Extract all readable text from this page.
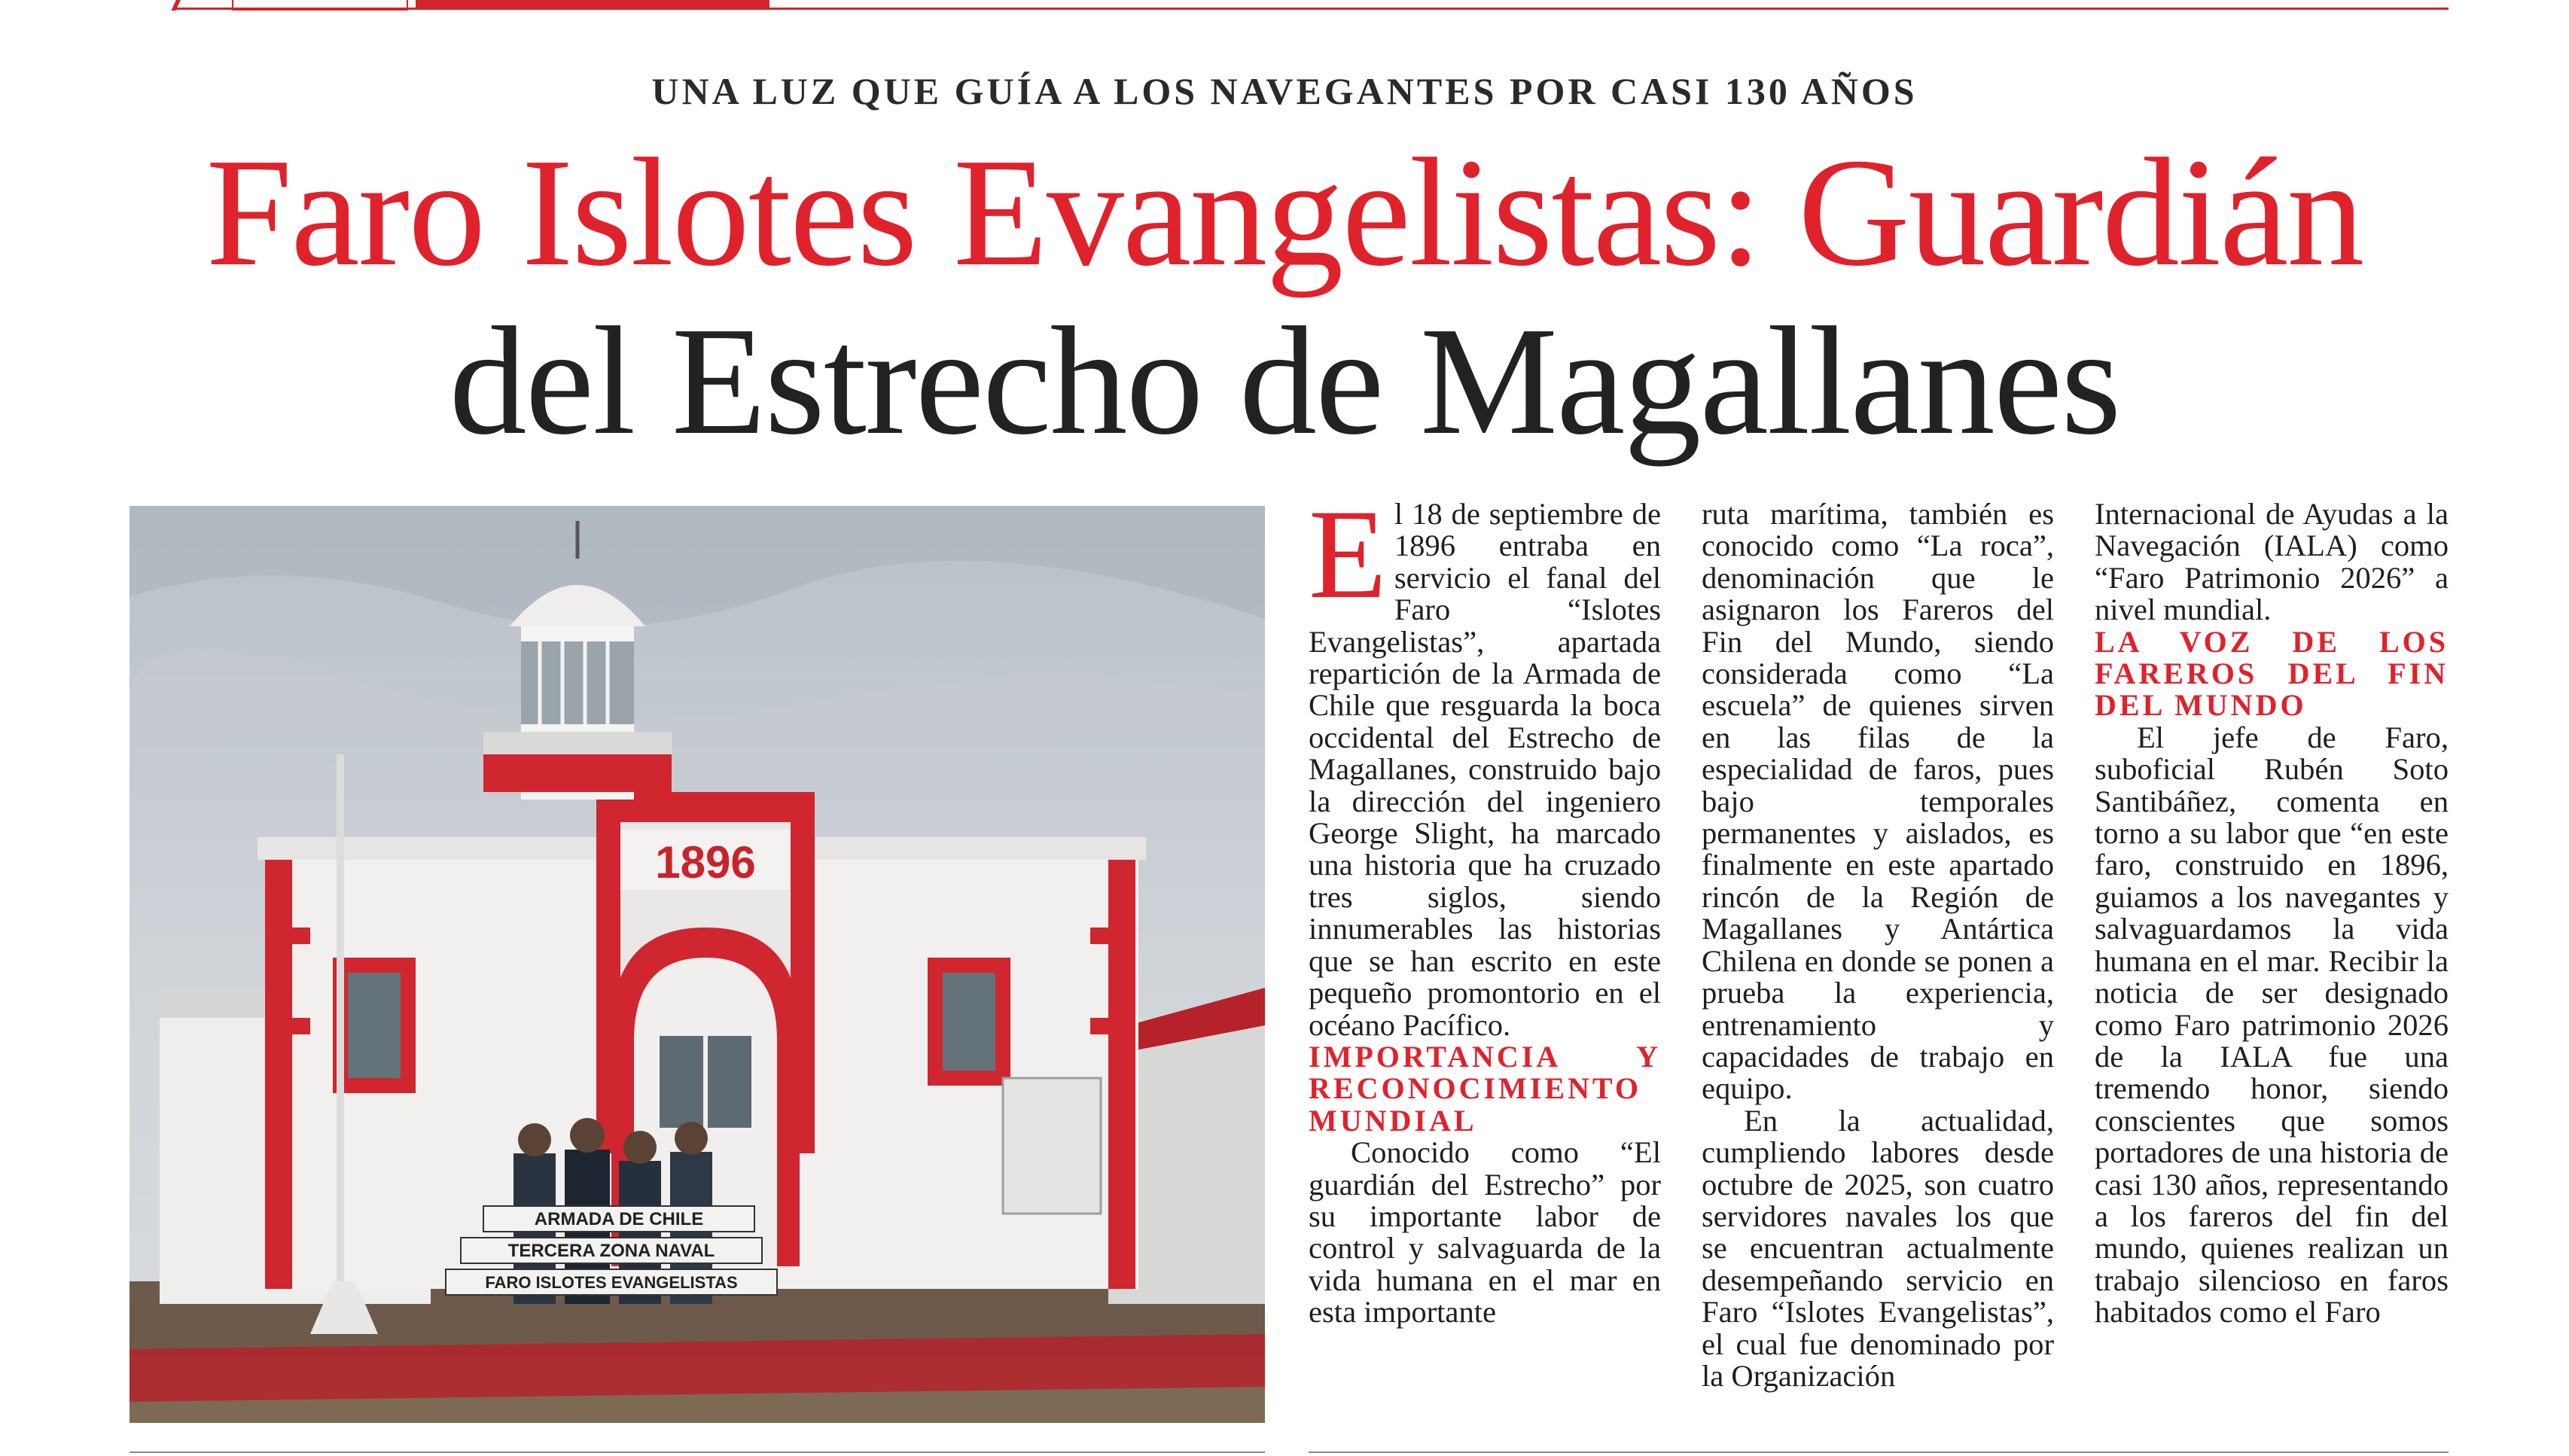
UNA LUZ QUE GUÍA A LOS NAVEGANTES POR CASI 130 AÑOS
Faro Islotes Evangelistas: Guardián
del Estrecho de Magallanes
1896
ARMADA DE CHILE
TERCERA ZONA NAVAL
FARO ISLOTES EVANGELISTAS

El 18 de septiembre de 1896 entraba en servicio el fanal del Faro “Islotes Evangelistas”, apartada repartición de la Armada de Chile que resguarda la boca occidental del Estrecho de Magallanes, construido bajo la dirección del ingeniero George Slight, ha marcado una historia que ha cruzado tres siglos, siendo innumerables las historias que se han escrito en este pequeño promontorio en el océano Pacífico.

IMPORTANCIA Y RECONOCIMIENTO MUNDIAL

Conocido como “El guardián del Estrecho” por su importante labor de control y salvaguarda de la vida humana en el mar en esta importante

ruta marítima, también es conocido como “La roca”, denominación que le asignaron los Fareros del Fin del Mundo, siendo considerada como “La escuela” de quienes sirven en las filas de la especialidad de faros, pues bajo temporales permanentes y aislados, es finalmente en este apartado rincón de la Región de Magallanes y Antártica Chilena en donde se ponen a prueba la experiencia, entrenamiento y capacidades de trabajo en equipo.

En la actualidad, cumpliendo labores desde octubre de 2025, son cuatro servidores navales los que se encuentran actualmente desempeñando servicio en Faro “Islotes Evangelistas”, el cual fue denominado por la Organización

Internacional de Ayudas a la Navegación (IALA) como “Faro Patrimonio 2026” a nivel mundial.

LA VOZ DE LOS FAREROS DEL FIN DEL MUNDO

El jefe de Faro, suboficial Rubén Soto Santibáñez, comenta en torno a su labor que “en este faro, construido en 1896, guiamos a los navegantes y salvaguardamos la vida humana en el mar. Recibir la noticia de ser designado como Faro patrimonio 2026 de la IALA fue una tremendo honor, siendo conscientes que somos portadores de una historia de casi 130 años, representando a los fareros del fin del mundo, quienes realizan un trabajo silencioso en faros habitados como el Faro
